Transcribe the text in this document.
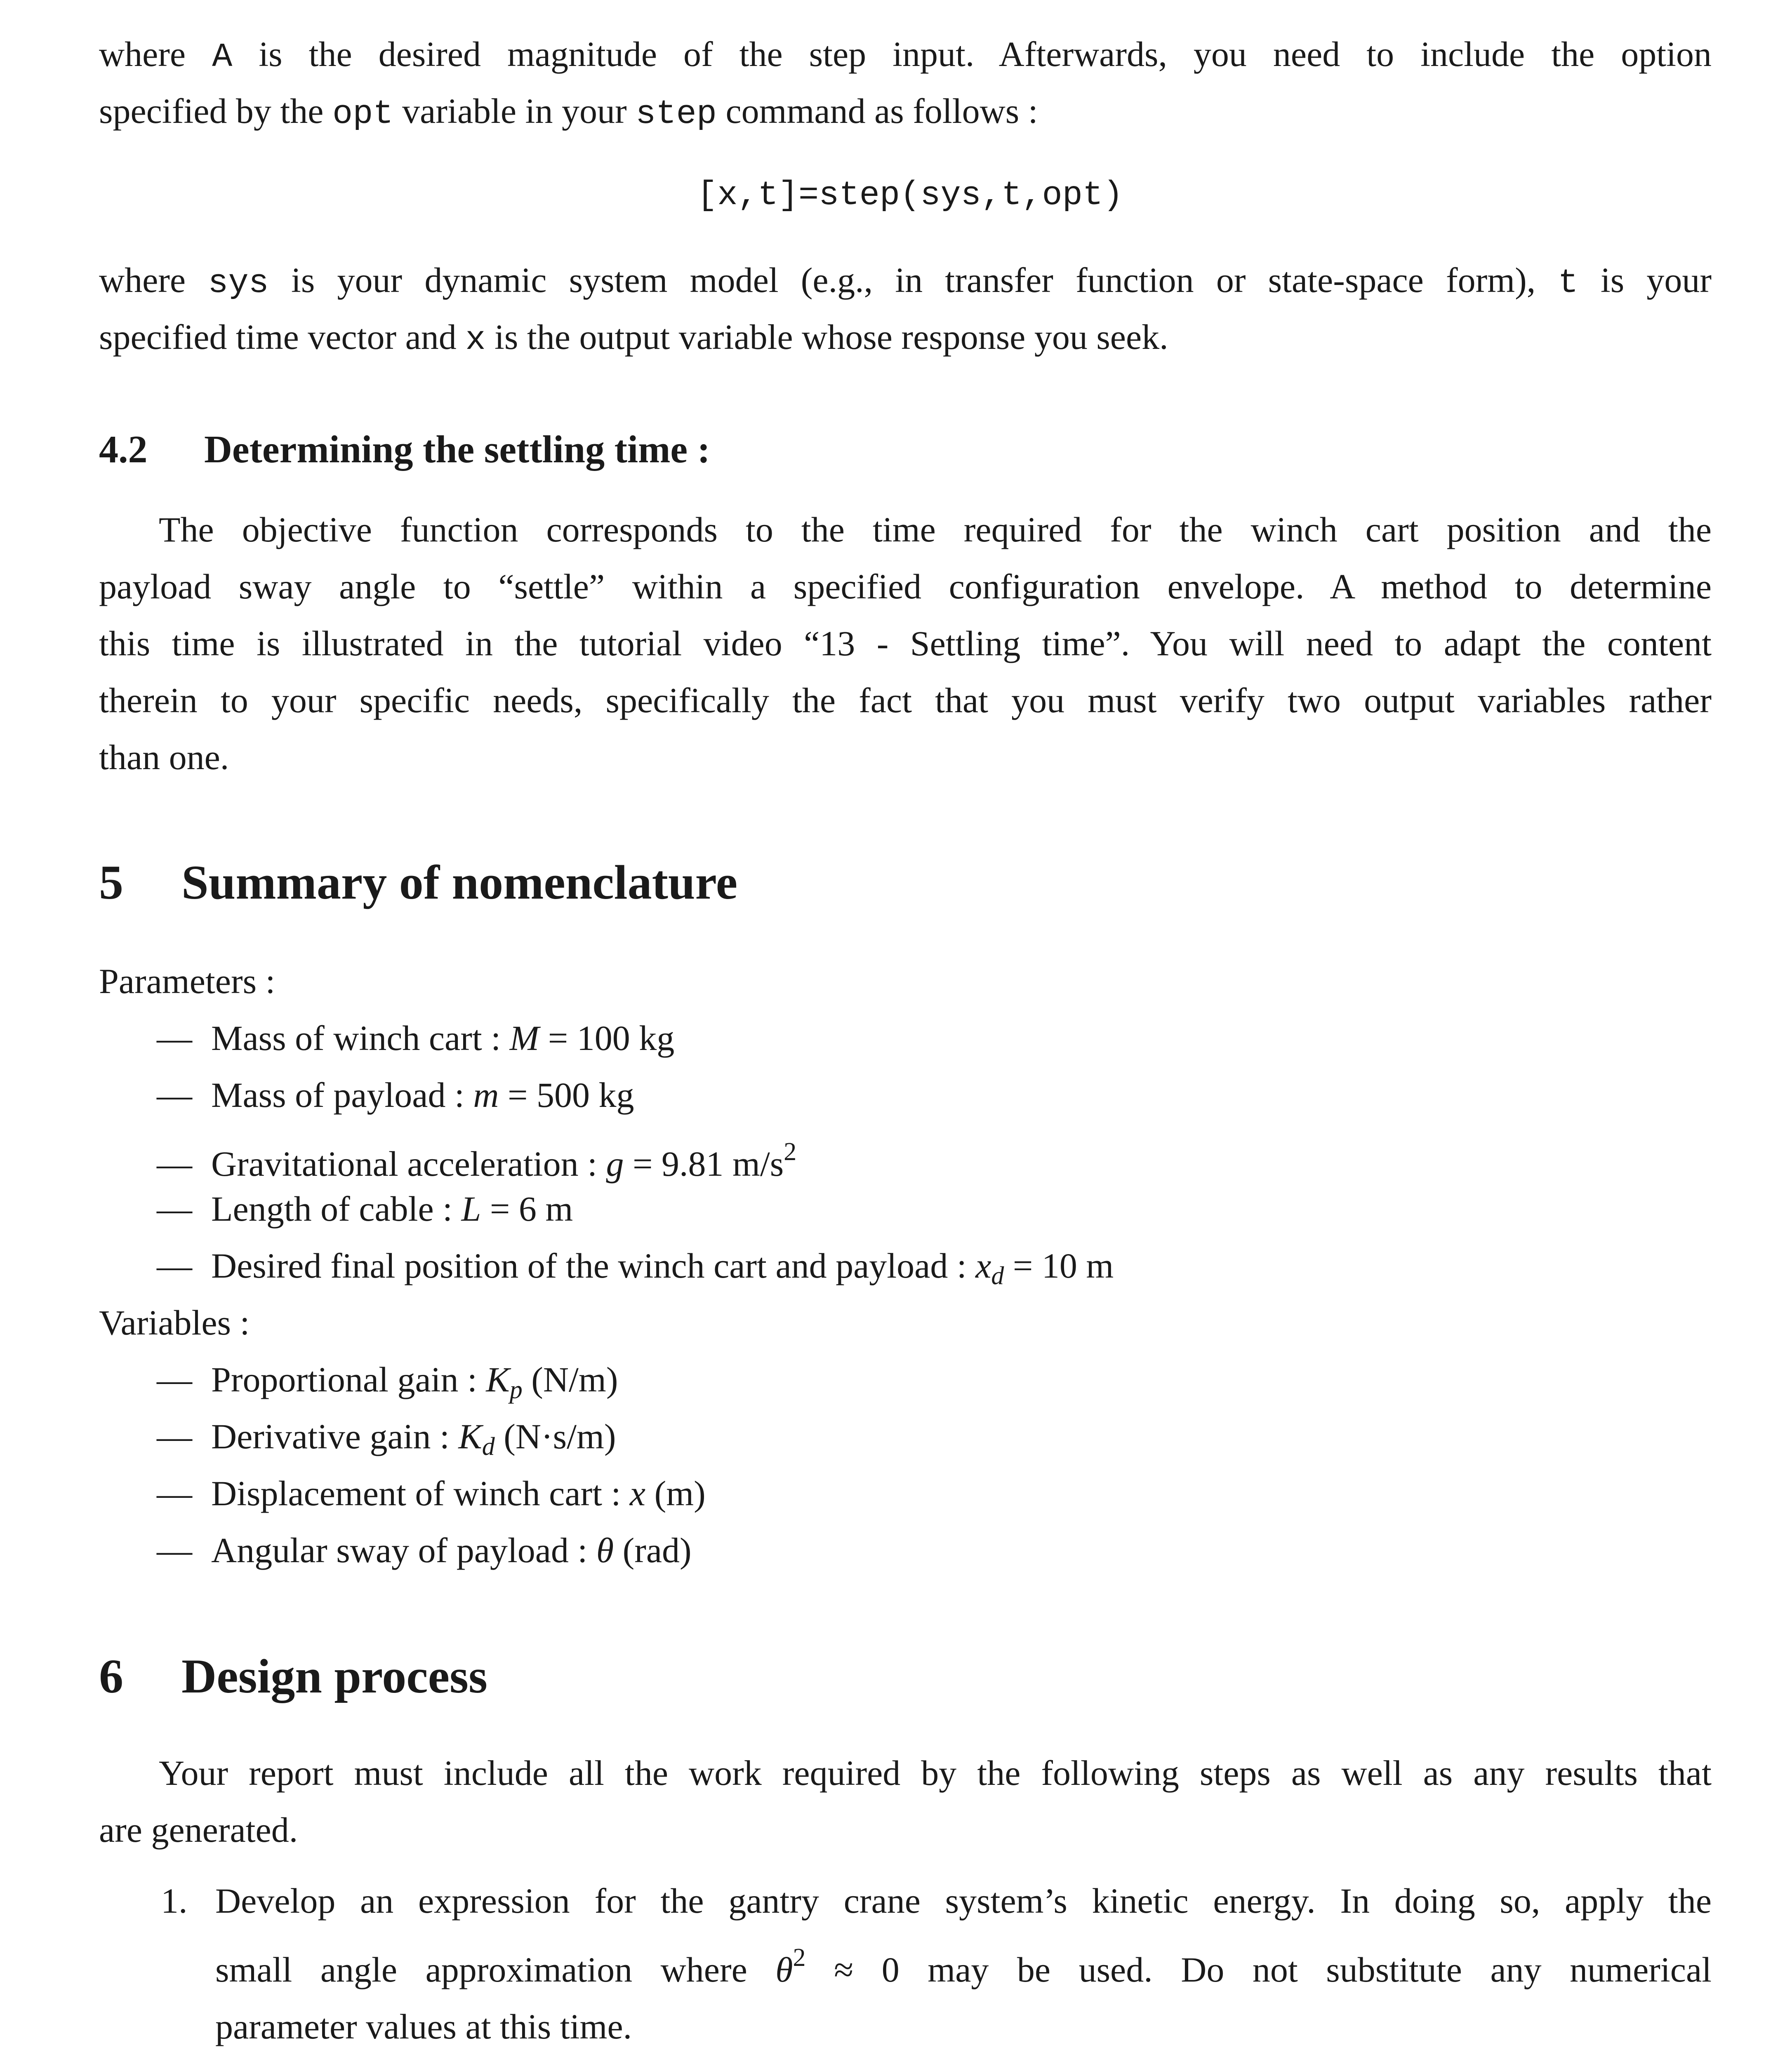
where A is the desired magnitude of the step input. Afterwards, you need to include the option

specified by the opt variable in your step command as follows :

[x,t]=step(sys,t,opt)

where sys is your dynamic system model (e.g., in transfer function or state-space form), t is your

specified time vector and x is the output variable whose response you seek.

4.2 Determining the settling time :

The objective function corresponds to the time required for the winch cart position and the

payload sway angle to “settle” within a specified configuration envelope. A method to determine

this time is illustrated in the tutorial video “13 - Settling time”. You will need to adapt the content

therein to your specific needs, specifically the fact that you must verify two output variables rather

than one.

5 Summary of nomenclature

Parameters :

— Mass of winch cart : M = 100 kg

— Mass of payload : m = 500 kg

— Gravitational acceleration : g = 9.81 $m/s^2$

— Length of cable : L = 6 m

— Desired final position of the winch cart and payload : $x_d = 10$ m

Variables :

— Proportional gain : $K_p$ (N/m)

— Derivative gain : $K_d$ (N·s/m)

— Displacement of winch cart : x (m)

— Angular sway of payload : θ (rad)

6 Design process

Your report must include all the work required by the following steps as well as any results that

are generated.

1. Develop an expression for the gantry crane system’s kinetic energy. In doing so, apply the

small angle approximation where $\theta^2 \approx 0$ may be used. Do not substitute any numerical

parameter values at this time.
